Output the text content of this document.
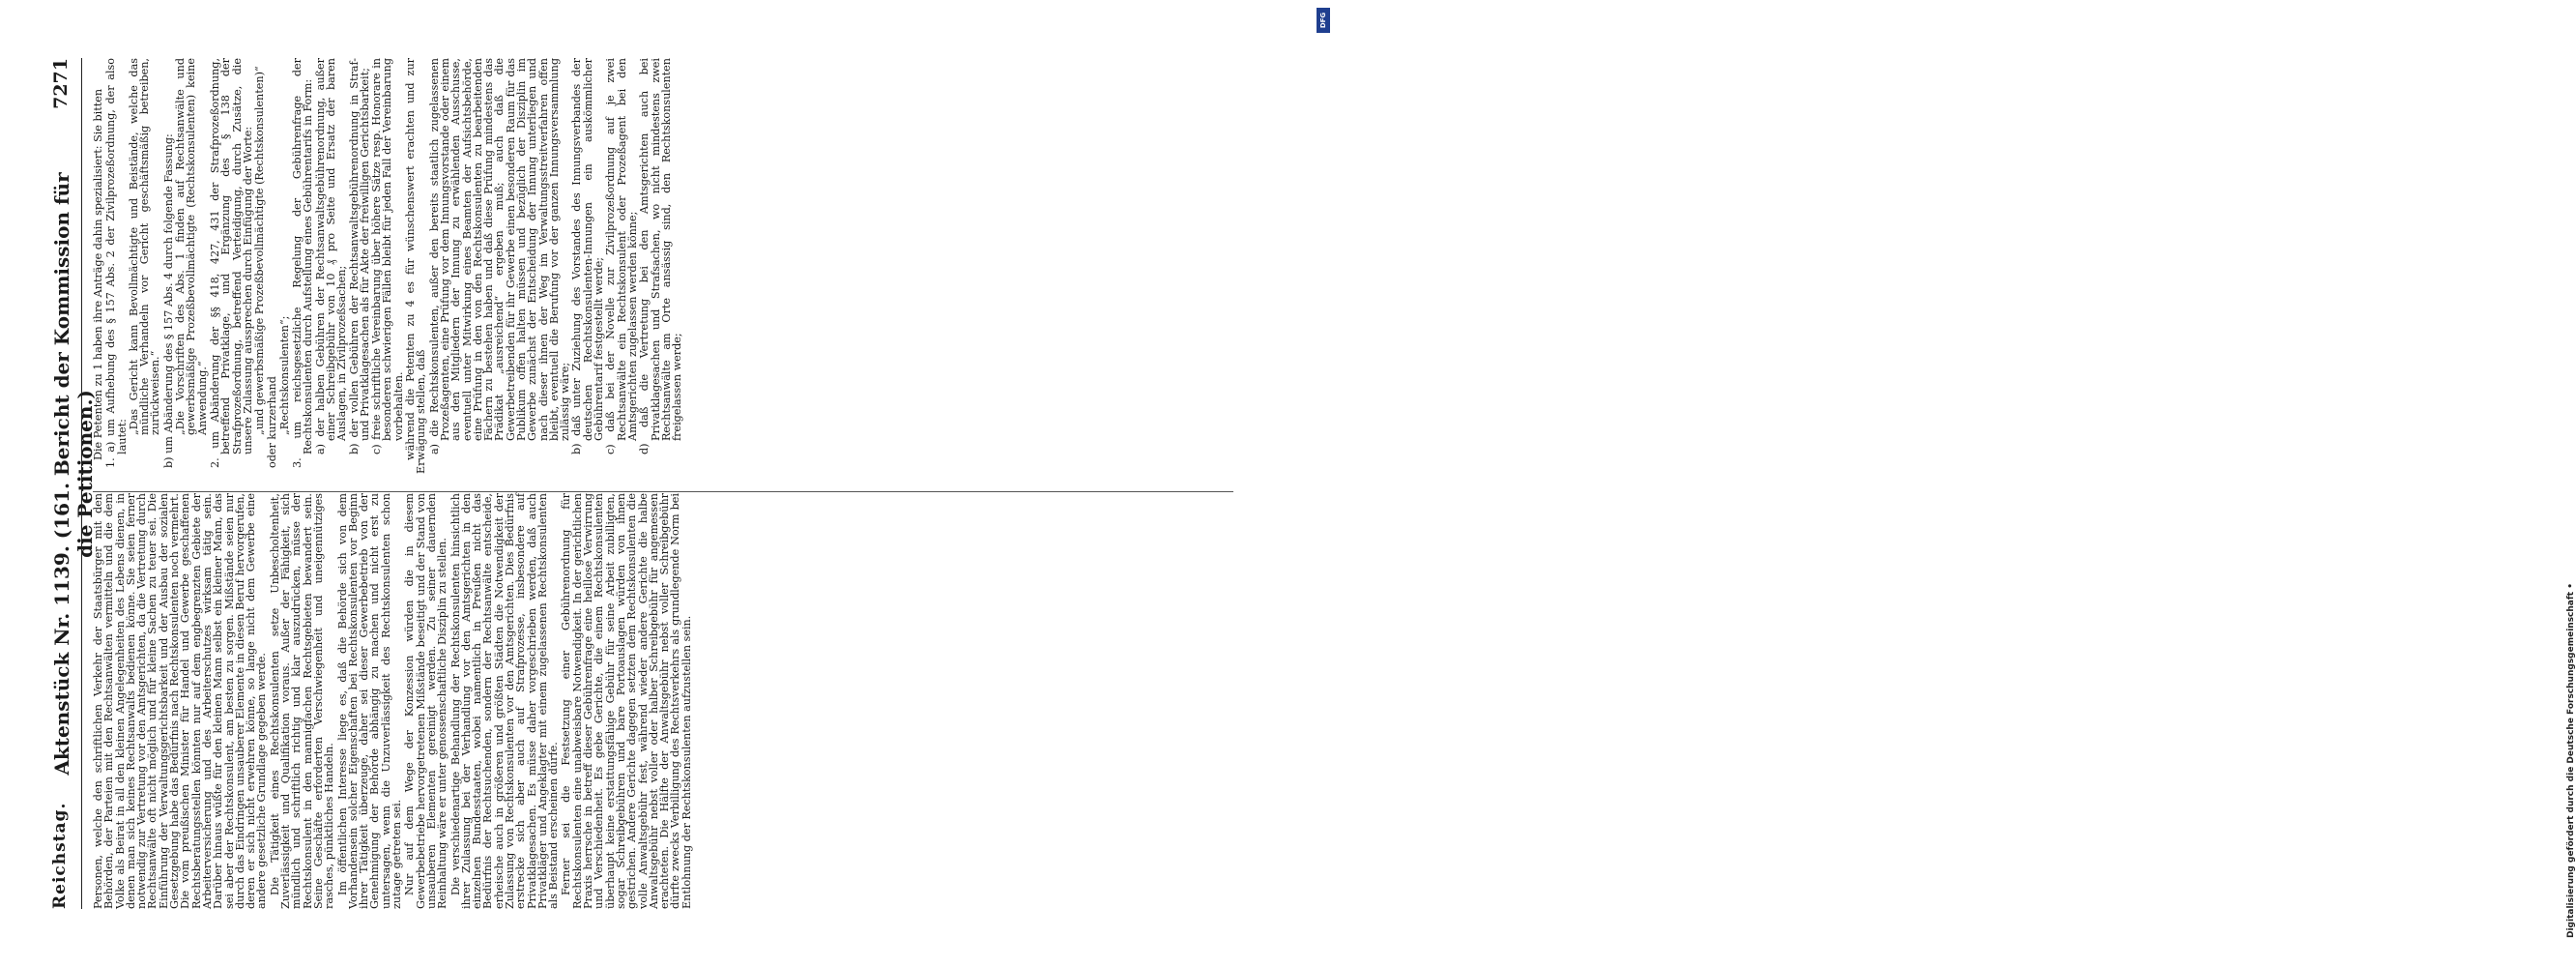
Reichstag.
Aktenstück Nr. 1139. (161. Bericht der Kommission für die Petitionen.)
7271

Personen, welche den schriftlichen Verkehr der Staatsbürger mit den Behörden, der Parteien mit den Rechtsanwälten vermitteln und die dem Volke als Beirat in all den kleinen Angelegenheiten des Lebens dienen, in denen man sich keines Rechtsanwalts bedienen könne. Sie seien ferner notwendig zur Vertretung vor den Amtsgerichten, da die Vertretung durch Rechtsanwälte oft nicht möglich und für kleine Sachen zu teuer sei. Die Einführung der Verwaltungsgerichtsbarkeit und der Ausbau der sozialen Gesetzgebung habe das Bedürfnis nach Rechtskonsulenten noch vermehrt. Die vom preußischen Minister für Handel und Gewerbe geschaffenen Rechtsberatungsstellen könnten nur auf dem engbegrenzten Gebiete der Arbeiterversicherung und des Arbeiterschutzes wirksam tätig sein. Darüber hinaus wüßte für den kleinen Mann selbst ein kleiner Mann, das sei aber der Rechtskonsulent, am besten zu sorgen. Mißstände seien nur durch das Eindringen unsauberer Elemente in diesen Beruf hervorgerufen, deren er sich nicht erwehren könne, so lange nicht dem Gewerbe eine andere gesetzliche Grundlage gegeben werde. Die Tätigkeit eines Rechtskonsulenten setze Unbescholtenheit, Zuverlässigkeit und Qualifikation voraus. Außer der Fähigkeit, sich mündlich und schriftlich richtig und klar auszudrücken, müsse der Rechtskonsulent in den mannigfachen Rechtsgebieten bewandert sein. Seine Geschäfte erforderten Verschwiegenheit und uneigennütziges rasches, pünktliches Handeln. Im öffentlichen Interesse liege es, daß die Behörde sich von dem Vorhandensein solcher Eigenschaften bei Rechtskonsulenten vor Beginn ihrer Tätigkeit überzeuge, daher sei dieser Gewerbebetrieb von der Genehmigung der Behörde abhängig zu machen und nicht erst zu untersagen, wenn die Unzuverlässigkeit des Rechtskonsulenten schon zutage getreten sei. Nur auf dem Wege der Konzession würden die in diesem Gewerbebetriebe hervorgetretenen Mißstände beseitigt und der Stand von unsauberen Elementen gereinigt werden. Zu seiner dauernden Reinhaltung wäre er unter genossenschaftliche Disziplin zu stellen. Die verschiedenartige Behandlung der Rechtskonsulenten hinsichtlich ihrer Zulassung bei der Verhandlung vor den Amtsgerichten in den einzelnen Bundesstaaten, wobei namentlich in Preußen nicht das Bedürfnis der Rechtsuchenden, sondern der Rechtsanwälte entscheide, erheische auch in größeren und größten Städten die Notwendigkeit der Zulassung von Rechtskonsulenten vor den Amtsgerichten. Dies Bedürfnis erstrecke sich aber auch auf Strafprozesse, insbesondere auf Privatklagesachen. Es müsse daher vorgeschrieben werden, daß auch Privatkläger und Angeklagter mit einem zugelassenen Rechtskonsulenten als Beistand erscheinen dürfe. Ferner sei die Festsetzung einer Gebührenordnung für Rechtskonsulenten eine unabweisbare Notwendigkeit. In der gerichtlichen Praxis herrsche in betreff dieser Gebührenfrage eine heillose Verwirrung und Verschiedenheit. Es gebe Gerichte, die einem Rechtskonsulenten überhaupt keine erstattungsfähige Gebühr für seine Arbeit zubilligten, sogar Schreibgebühren und bare Portoauslagen würden von ihnen gestrichen. Andere Gerichte dagegen setzten dem Rechtskonsulenten die volle Anwaltsgebühr fest, während wieder andere Gerichte die halbe Anwaltsgebühr nebst voller oder halber Schreibgebühr für angemessen erachteten. Die Hälfte der Anwaltsgebühr nebst voller Schreibgebühr dürfte zwecks Verbilligung des Rechtsverkehrs als grundlegende Norm bei Entlohnung der Rechtskonsulenten aufzustellen sein.

Die Petenten zu 1 haben ihre Anträge dahin spezialisiert: Sie bitten 1. a) um Aufhebung des § 157 Abs. 2 der Zivilprozeßordnung, der also lautet:
„Das Gericht kann Bevollmächtigte und Beistände, welche das mündliche Verhandeln vor Gericht geschäftsmäßig betreiben, zurückweisen.“ b) um Abänderung des § 157 Abs. 4 durch folgende Fassung: „Die Vorschriften des Abs. 1 finden auf Rechtsanwälte und gewerbsmäßige Prozeßbevollmächtigte (Rechtskonsulenten) keine Anwendung.“ 2. um Abänderung der §§ 418, 427, 431 der Strafprozeßordnung, betreffend Privatklage, und Ergänzung des § 138 der Strafprozeßordnung, betreffend Verteidigung, durch Zusätze, die unsere Zulassung aussprechen durch Einfügung der Worte: „und gewerbsmäßige Prozeßbevollmächtigte (Rechtskonsulenten)“ oder kurzerhand „Rechtskonsulenten“; 3. um reichsgesetzliche Regelung der Gebührenfrage der Rechtskonsulenten durch Aufstellung eines Gebührentarifs in Form: a) der halben Gebühren der Rechtsanwaltsgebührenordnung, außer einer Schreibgebühr von 10 ₰ pro Seite und Ersatz der baren Auslagen, in Zivilprozeßsachen; b) der vollen Gebühren der Rechtsanwaltsgebührenordnung in Straf- und Privatklagesachen als für Akte der freiwilligen Gerichtsbarkeit; c) freie schriftliche Vereinbarung über höhere Sätze resp. Honorare in besonderen schwierigen Fällen bleibt für jeden Fall der Vereinbarung vorbehalten. während die Petenten zu 4 es für wünschenswert erachten und zur Erwägung stellen, daß a) die Rechtskonsulenten, außer den bereits staatlich zugelassenen Prozeßagenten, eine Prüfung vor dem Innungsvorstande oder einem aus den Mitgliedern der Innung zu erwählenden Ausschusse, eventuell unter Mitwirkung eines Beamten der Aufsichtsbehörde, eine Prüfung in den von den Rechtskonsulenten zu bearbeitenden Fächern zu bestehen haben und daß diese Prüfung mindestens das Prädikat „ausreichend“ ergeben muß; auch daß die Gewerbetreibenden für ihr Gewerbe einen besonderen Raum für das Publikum offen halten müssen und bezüglich der Disziplin im Gewerbe zunächst der Entscheidung der Innung unterliegen und nach dieser ihnen der Weg im Verwaltungsstreitverfahren offen bleibt, eventuell die Berufung vor der ganzen Innungsversammlung zulässig wäre; b) daß unter Zuziehung des Vorstandes des Innungsverbandes der deutschen Rechtskonsulenten-Innungen ein auskömmlicher Gebührentarif festgestellt werde; c) daß bei der Novelle zur Zivilprozeßordnung auf je zwei Rechtsanwälte ein Rechtskonsulent oder Prozeßagent bei den Amtsgerichten zugelassen werden könne; d) daß die Vertretung bei den Amtsgerichten auch bei Privatklagesachen und Strafsachen, wo nicht mindestens zwei Rechtsanwälte am Orte ansässig sind, den Rechtskonsulenten freigelassen werde;
Digitalisierung gefördert durch die Deutsche Forschungsgemeinschaft •
DFG
